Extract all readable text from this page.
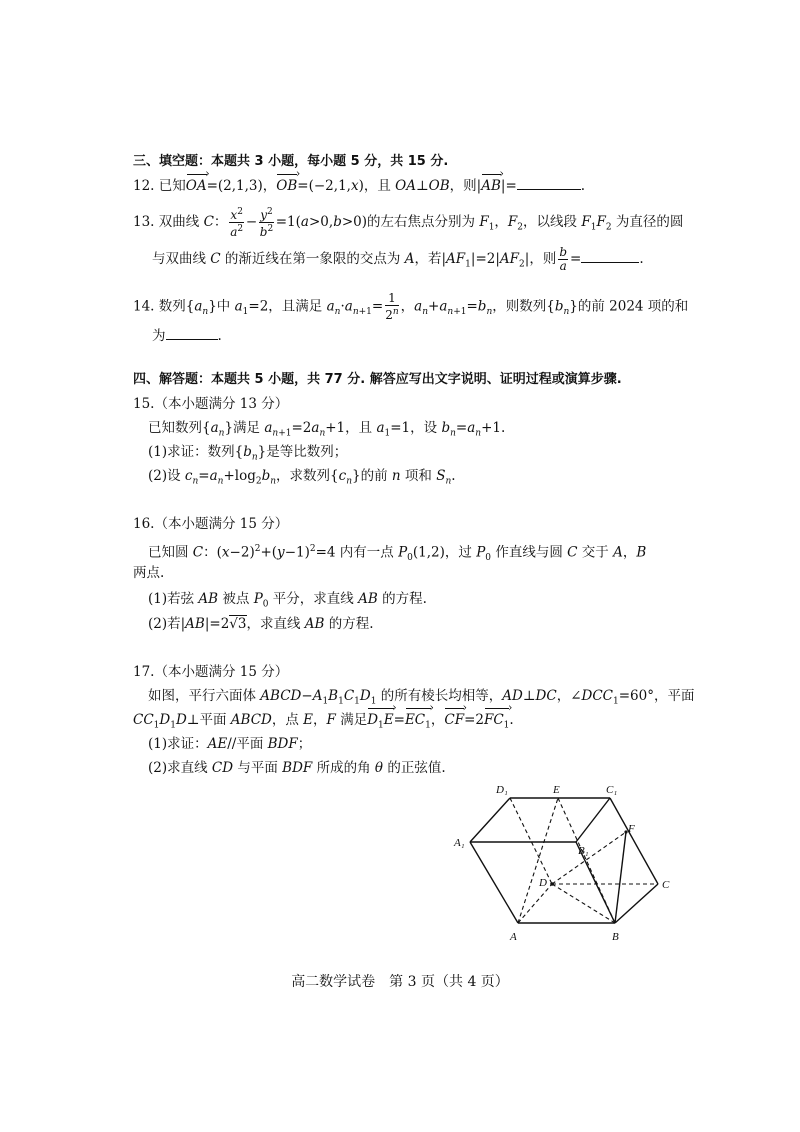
三、填空题：本题共 3 小题，每小题 5 分，共 15 分.
12. 已知OA ›=(2,1,3)，OB ›=(−2,1,x)，且 OA⊥OB，则|AB ›|=	.
13. 双曲线 C： $\frac{x^2}{a^2} - \frac{y^2}{b^2} =1(a>0,b>0)$的左右焦点分别为 $F_1$，$F_2$，以线段 $F_1F_2$ 为直径的圆
与双曲线 C 的渐近线在第一象限的交点为 A，若$|AF_1|=2|AF_2|$，则 $\frac{b}{a}$ =	.
14. 数列$\{a_n\}$中 $a_1=2$，且满足 $a_n\cdot a_{n+1}= \frac{1}{2^n}$ ，$a_n+a_{n+1}=b_n$，则数列$\{b_n\}$的前 2024 项的和
为	.
四、解答题：本题共 5 小题，共 77 分. 解答应写出文字说明、证明过程或演算步骤.
15.（本小题满分 13 分）
已知数列$\{a_n\}$满足 $a_{n+1}=2a_n+1$，且 $a_1=1$，设 $b_n=a_n+1$.
(1)求证：数列$\{b_n\}$是等比数列；
(2)设 $c_n=a_n+\log_2b_n$，求数列$\{c_n\}$的前 n 项和 $S_n$.
16.（本小题满分 15 分）
已知圆 C：$(x-2)^2+(y-1)^2=4$ 内有一点 $P_0(1,2)$，过 $P_0$ 作直线与圆 C 交于 A，B
两点.
(1)若弦 AB 被点 $P_0$ 平分，求直线 AB 的方程.
(2)若|AB|=2√3，求直线 AB 的方程.
17.（本小题满分 15 分）
如图，平行六面体 $ABCD-A_1B_1C_1D_1$ 的所有棱长均相等，AD⊥DC，$\angle DCC_1=60^\circ$，平面
$CC_1D_1D\perp$平面 ABCD，点 E，F 满足$D_1E$ $›=EC_1$ ›，CF $›=2FC_1$ ›.
(1)求证：AE//平面 BDF；
(2)求直线 CD 与平面 BDF 所成的角 θ 的正弦值.
D₁	E	C₁
A₁
B₁
F
D	C
A	B
高二数学试卷　第 3 页（共 4 页）
